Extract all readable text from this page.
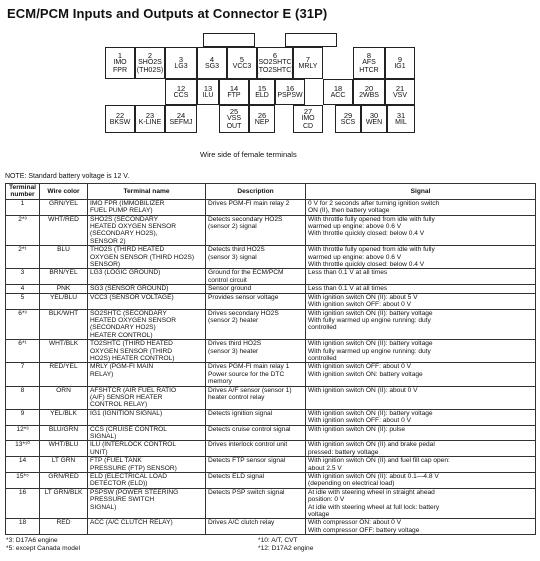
ECM/PCM Inputs and Outputs at Connector E (31P)
1
IMO
FPR
2
SHO2S
(TH02S)
3
LG3
4
SG3
5
VCC3
6
SO2SHTC
(TO2SHTC)
7
MRLY
8
AFS
HTCR
9
IG1
12
CCS
13
ILU
14
FTP
15
ELD
16
PSPSW
18
ACC
20
2WBS
21
VSV
22
BKSW
23
K-LINE
24
SEFMJ
25
VSS
OUT
26
NEP
27
IMO
CD
29
SCS
30
WEN
31
MIL
Wire side of female terminals
NOTE: Standard battery voltage is 12 V.
Terminal
number	Wire color	Terminal name	Description	Signal
1	GRN/YEL	IMO FPR (IMMOBILIZER
FUEL PUMP RELAY)	Drives PGM-FI main relay 2	0 V for 2 seconds after turning ignition switch
ON (II), then battery voltage
2*³	WHT/RED	SHO2S (SECONDARY
HEATED OXYGEN SENSOR
(SECONDARY HO2S),
SENSOR 2)	Detects secondary HO2S
(sensor 2) signal	With throttle fully opened from idle with fully
warmed up engine: above 0.6 V
With throttle quickly closed: below 0.4 V
2*¹	BLU	THO2S (THIRD HEATED
OXYGEN SENSOR (THIRD HO2S)
SENSOR)	Detects third HO2S
(sensor 3) signal	With throttle fully opened from idle with fully
warmed up engine: above 0.6 V
With throttle quickly closed: below 0.4 V
3	BRN/YEL	LG3 (LOGIC GROUND)	Ground for the ECM/PCM
control circuit	Less than 0.1 V at all times
4	PNK	SG3 (SENSOR GROUND)	Sensor ground	Less than 0.1 V at all times
5	YEL/BLU	VCC3 (SENSOR VOLTAGE)	Provides sensor voltage	With ignition switch ON (II): about 5 V
With ignition switch OFF: about 0 V
6*³	BLK/WHT	SO2SHTC (SECONDARY
HEATED OXYGEN SENSOR
(SECONDARY HO2S)
HEATER CONTROL)	Drives secondary HO2S
(sensor 2) heater	With ignition switch ON (II): battery voltage
With fully warmed up engine running: duty
controlled
6*¹	WHT/BLK	TO2SHTC (THIRD HEATED
OXYGEN SENSOR (THIRD
HO2S) HEATER CONTROL)	Drives third HO2S
(sensor 3) heater	With ignition switch ON (II): battery voltage
With fully warmed up engine running: duty
controlled
7	RED/YEL	MRLY (PGM-FI MAIN
RELAY)	Drives PGM-FI main relay 1
Power source for the DTC
memory	With ignition switch OFF: about 0 V
With ignition switch ON: battery voltage
8	ORN	AFSHTCR (AIR FUEL RATIO
(A/F) SENSOR HEATER
CONTROL RELAY)	Drives A/F sensor (sensor 1)
heater control relay	With ignition switch ON (II): about 0 V
9	YEL/BLK	IG1 (IGNITION SIGNAL)	Detects ignition signal	With ignition switch ON (II): battery voltage
With ignition switch OFF: about 0 V
12*³	BLU/GRN	CCS (CRUISE CONTROL
SIGNAL)	Detects cruise control signal	With ignition switch ON (II): pulse
13*¹⁰	WHT/BLU	ILU (INTERLOCK CONTROL
UNIT)	Drives interlock control unit	With ignition switch ON (II) and brake pedal
pressed: battery voltage
14	LT GRN	FTP (FUEL TANK
PRESSURE (FTP) SENSOR)	Detects FTP sensor signal	With ignition switch ON (II) and fuel fill cap open:
about 2.5 V
15*⁵	GRN/RED	ELD (ELECTRICAL LOAD
DETECTOR (ELD))	Detects ELD signal	With ignition switch ON (II): about 0.1—4.8 V
(depending on electrical load)
16	LT GRN/BLK	PSPSW (POWER STEERING
PRESSURE SWITCH
SIGNAL)	Detects PSP switch signal	At idle with steering wheel in straight ahead
position: 0 V
At idle with steering wheel at full lock: battery
voltage
18	RED	ACC (A/C CLUTCH RELAY)	Drives A/C clutch relay	With compressor ON: about 0 V
With compressor OFF: battery voltage
*3: D17A6 engine
*5: except Canada model
*10: A/T, CVT
*12: D17A2 engine
